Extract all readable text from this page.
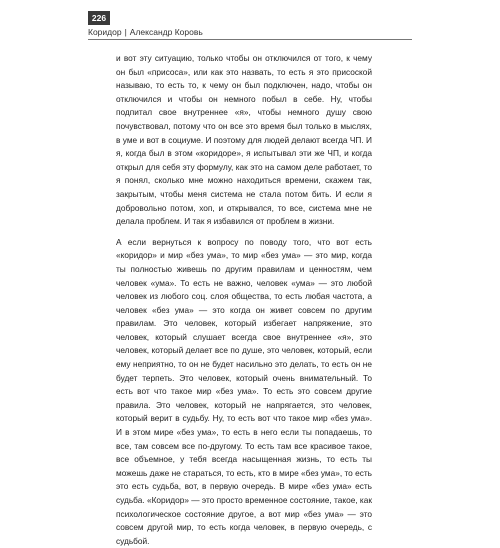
226
Коридор | Александр Коровь

и вот эту ситуацию, только чтобы он отключился от того, к чему он был «присоса», или как это назвать, то есть я это присоской называю, то есть то, к чему он был подключен, надо, чтобы он отключился и чтобы он немного побыл в себе. Ну, чтобы подпитал свое внутреннее «я», чтобы немного душу свою почувствовал, потому что он все это время был только в мыслях, в уме и вот в социуме. И поэтому для людей делают всегда ЧП. И я, когда был в этом «коридоре», я испытывал эти же ЧП, и когда открыл для себя эту формулу, как это на самом деле работает, то я понял, сколько мне можно находиться времени, скажем так, закрытым, чтобы меня система не стала потом бить. И если я добровольно потом, хоп, и открывался, то все, система мне не делала проблем. И так я избавился от проблем в жизни.

А если вернуться к вопросу по поводу того, что вот есть «коридор» и мир «без ума», то мир «без ума» — это мир, когда ты полностью живешь по другим правилам и ценностям, чем человек «ума». То есть не важно, человек «ума» — это любой человек из любого соц. слоя общества, то есть любая частота, а человек «без ума» — это когда он живет совсем по другим правилам. Это человек, который избегает напряжение, это человек, который слушает всегда свое внутреннее «я», это человек, который делает все по душе, это человек, который, если ему неприятно, то он не будет насильно это делать, то есть он не будет терпеть. Это человек, который очень внимательный. То есть вот что такое мир «без ума». То есть это совсем другие правила. Это человек, который не напрягается, это человек, который верит в судьбу. Ну, то есть вот что такое мир «без ума». И в этом мире «без ума», то есть в него если ты попадаешь, то все, там совсем все по-другому. То есть там все красивое такое, все объемное, у тебя всегда насыщенная жизнь, то есть ты можешь даже не стараться, то есть, кто в мире «без ума», то есть это есть судьба, вот, в первую очередь. В мире «без ума» есть судьба. «Коридор» — это просто временное состояние, такое, как психологическое состояние другое, а вот мир «без ума» — это совсем другой мир, то есть когда человек, в первую очередь, с судьбой.
